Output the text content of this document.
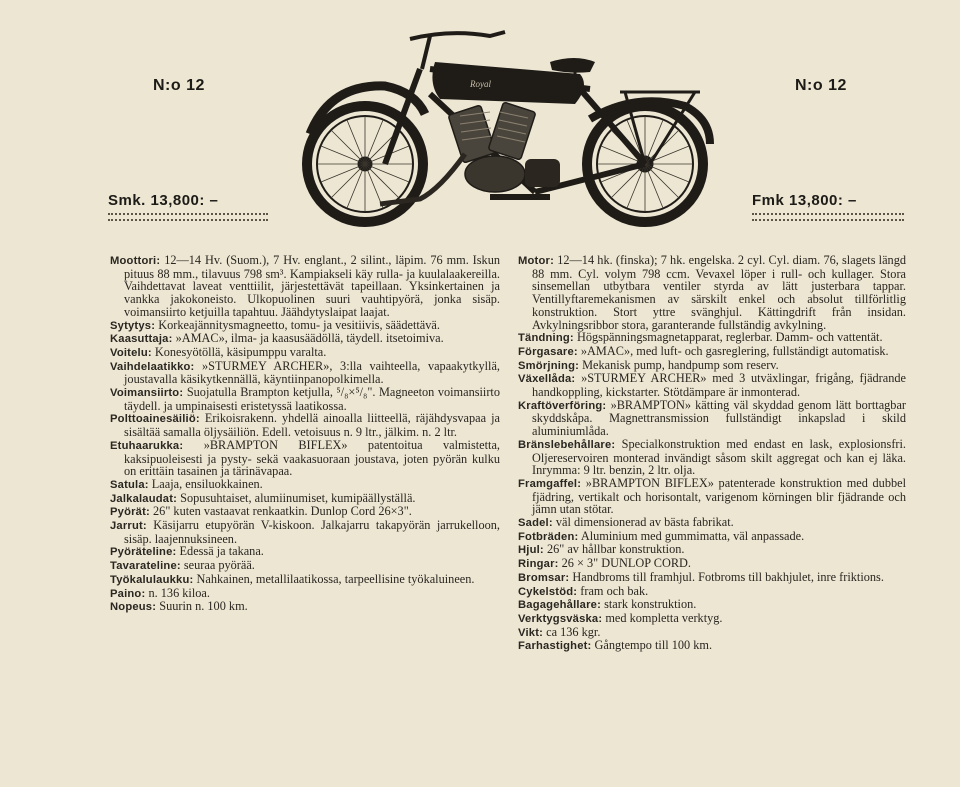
N:o 12	N:o 12
Royal
Smk. 13,800: –	Fmk 13,800: –
Moottori: 12—14 Hv. (Suom.), 7 Hv. englant., 2 silint., läpim. 76 mm. Iskun pituus 88 mm., tilavuus 798 sm³. Kampiakseli käy rulla- ja kuulalaakereilla. Vaihdettavat laveat venttiilit, järjestettävät tapeillaan. Yksinkertainen ja vankka jakokoneisto. Ulkopuolinen suuri vauhtipyörä, jonka sisäp. voimansiirto ketjuilla tapahtuu. Jäähdytyslaipat laajat.
Sytytys: Korkeajännitysmagneetto, tomu- ja vesitiivis, säädettävä.
Kaasuttaja: »AMAC», ilma- ja kaasusäädöllä, täydell. itsetoimiva.
Voitelu: Konesyötöllä, käsipumppu varalta.
Vaihdelaatikko: »STURMEY ARCHER», 3:lla vaihteella, vapaakytkyllä, joustavalla käsikytkennällä, käyntiinpanopolkimella.
Voimansiirto: Suojatulla Brampton ketjulla, ⁵/₈×⁵/₈". Magneeton voimansiirto täydell. ja umpinaisesti eristetyssä laatikossa.
Polttoainesäiliö: Erikoisrakenn. yhdellä ainoalla liitteellä, räjähdysvapaa ja sisältää samalla öljysäiliön. Edell. vetoisuus n. 9 ltr., jälkim. n. 2 ltr.
Etuhaarukka: »BRAMPTON BIFLEX» patentoitua valmistetta, kaksipuoleisesti ja pysty- sekä vaakasuoraan joustava, joten pyörän kulku on erittäin tasainen ja tärinävapaa.
Satula: Laaja, ensiluokkainen.
Jalkalaudat: Sopusuhtaiset, alumiinumiset, kumipäällyställä.
Pyörät: 26" kuten vastaavat renkaatkin. Dunlop Cord 26×3".
Jarrut: Käsijarru etupyörän V-kiskoon. Jalkajarru takapyörän jarrukelloon, sisäp. laajennuksineen.
Pyöräteline: Edessä ja takana.
Tavarateline: seuraa pyörää.
Työkalulaukku: Nahkainen, metallilaatikossa, tarpeellisine työkaluineen.
Paino: n. 136 kiloa.
Nopeus: Suurin n. 100 km.
Motor: 12—14 hk. (finska); 7 hk. engelska. 2 cyl. Cyl. diam. 76, slagets längd 88 mm. Cyl. volym 798 ccm. Vevaxel löper i rull- och kullager. Stora sinsemellan utbytbara ventiler styrda av lätt justerbara tappar. Ventillyftaremekanismen av särskilt enkel och absolut tillförlitlig konstruktion. Stort yttre svänghjul. Kättingdrift från insidan. Avkylningsribbor stora, garanterande fullständig avkylning.
Tändning: Högspänningsmagnetapparat, reglerbar. Damm- och vattentät.
Förgasare: »AMAC», med luft- och gasreglering, fullständigt automatisk.
Smörjning: Mekanisk pump, handpump som reserv.
Växellåda: »STURMEY ARCHER» med 3 utväxlingar, frigång, fjädrande handkoppling, kickstarter. Stötdämpare är inmonterad.
Kraftöverföring: »BRAMPTON» kätting väl skyddad genom lätt borttagbar skyddskåpa. Magnettransmission fullständigt inkapslad i skild aluminiumlåda.
Bränslebehållare: Specialkonstruktion med endast en lask, explosionsfri. Oljereservoiren monterad invändigt såsom skilt aggregat och kan ej läka. Inrymma: 9 ltr. benzin, 2 ltr. olja.
Framgaffel: »BRAMPTON BIFLEX» patenterade konstruktion med dubbel fjädring, vertikalt och horisontalt, varigenom körningen blir fjädrande och jämn utan stötar.
Sadel: väl dimensionerad av bästa fabrikat.
Fotbräden: Aluminium med gummimatta, väl anpassade.
Hjul: 26" av hållbar konstruktion.
Ringar: 26 × 3" DUNLOP CORD.
Bromsar: Handbroms till framhjul. Fotbroms till bakhjulet, inre friktions.
Cykelstöd: fram och bak.
Bagagehållare: stark konstruktion.
Verktygsväska: med kompletta verktyg.
Vikt: ca 136 kgr.
Farhastighet: Gångtempo till 100 km.
